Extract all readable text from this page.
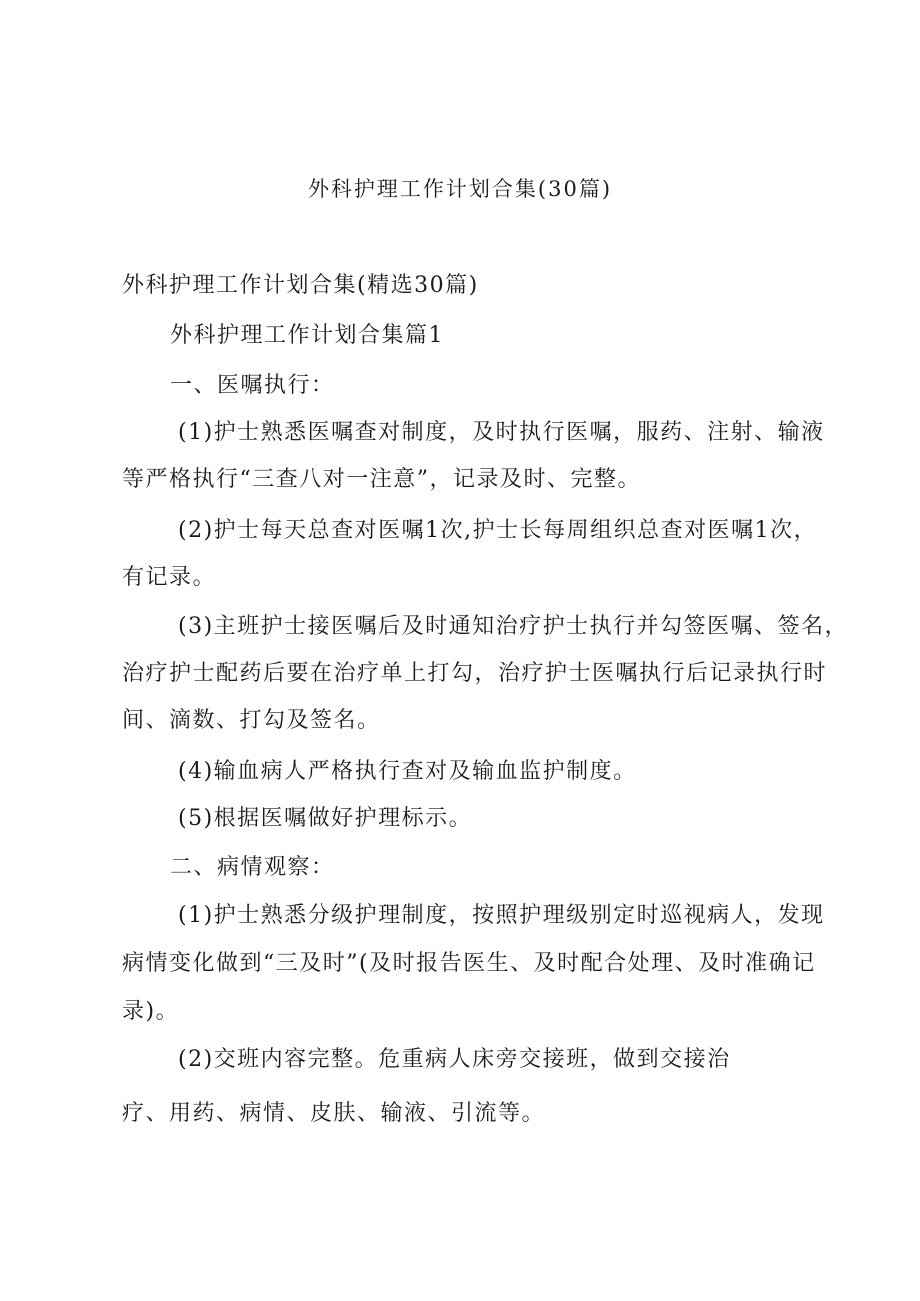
外科护理工作计划合集(30篇)
外科护理工作计划合集(精选30篇)
外科护理工作计划合集篇1
一、医嘱执行：
(1)护士熟悉医嘱查对制度，及时执行医嘱，服药、注射、输液
等严格执行“三查八对一注意”，记录及时、完整。
(2)护士每天总查对医嘱1次,护士长每周组织总查对医嘱1次，
有记录。
(3)主班护士接医嘱后及时通知治疗护士执行并勾签医嘱、签名，
治疗护士配药后要在治疗单上打勾，治疗护士医嘱执行后记录执行时
间、滴数、打勾及签名。
(4)输血病人严格执行查对及输血监护制度。
(5)根据医嘱做好护理标示。
二、病情观察：
(1)护士熟悉分级护理制度，按照护理级别定时巡视病人，发现
病情变化做到“三及时”(及时报告医生、及时配合处理、及时准确记
录)。
(2)交班内容完整。危重病人床旁交接班，做到交接治
疗、用药、病情、皮肤、输液、引流等。
